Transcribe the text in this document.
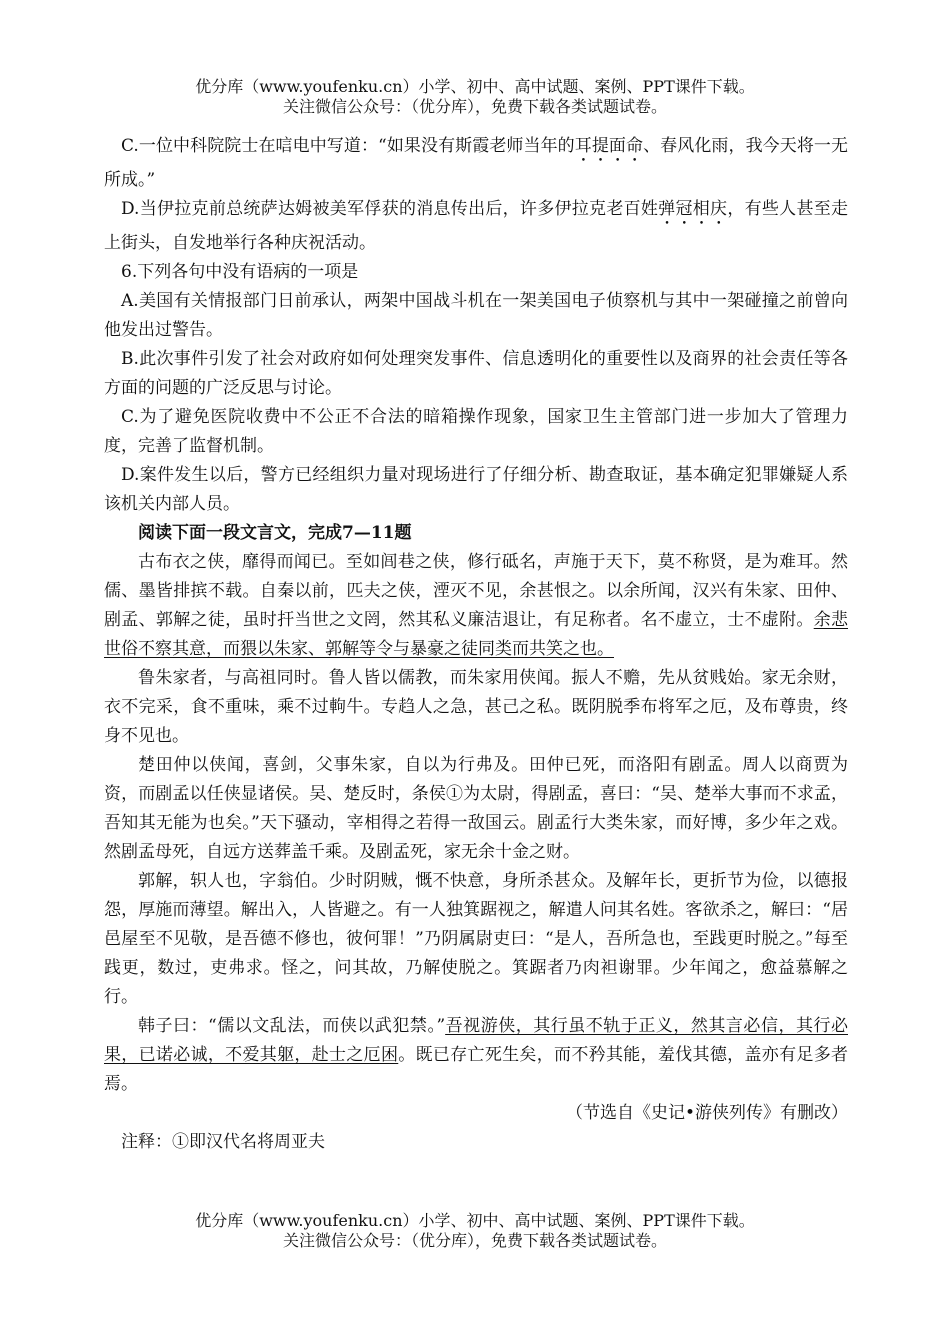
优分库（www.youfenku.cn）小学、初中、高中试题、案例、PPT课件下载。
关注微信公众号：（优分库），免费下载各类试题试卷。

C.一位中科院院士在唁电中写道：“如果没有斯霞老师当年的耳提面命、春风化雨，我今天将一无所成。”

D.当伊拉克前总统萨达姆被美军俘获的消息传出后，许多伊拉克老百姓弹冠相庆，有些人甚至走上街头，自发地举行各种庆祝活动。

6.下列各句中没有语病的一项是

A.美国有关情报部门日前承认，两架中国战斗机在一架美国电子侦察机与其中一架碰撞之前曾向他发出过警告。

B.此次事件引发了社会对政府如何处理突发事件、信息透明化的重要性以及商界的社会责任等各方面的问题的广泛反思与讨论。

C.为了避免医院收费中不公正不合法的暗箱操作现象，国家卫生主管部门进一步加大了管理力度，完善了监督机制。

D.案件发生以后，警方已经组织力量对现场进行了仔细分析、勘查取证，基本确定犯罪嫌疑人系该机关内部人员。

阅读下面一段文言文，完成7—11题

古布衣之侠，靡得而闻已。至如闾巷之侠，修行砥名，声施于天下，莫不称贤，是为难耳。然儒、墨皆排摈不载。自秦以前，匹夫之侠，湮灭不见，余甚恨之。以余所闻，汉兴有朱家、田仲、剧孟、郭解之徒，虽时扞当世之文罔，然其私义廉洁退让，有足称者。名不虚立，士不虚附。余悲世俗不察其意，而猥以朱家、郭解等令与暴豪之徒同类而共笑之也。

鲁朱家者，与高祖同时。鲁人皆以儒教，而朱家用侠闻。振人不赡，先从贫贱始。家无余财，衣不完采，食不重味，乘不过軥牛。专趋人之急，甚己之私。既阴脱季布将军之厄，及布尊贵，终身不见也。

楚田仲以侠闻，喜剑，父事朱家，自以为行弗及。田仲已死，而洛阳有剧孟。周人以商贾为资，而剧孟以任侠显诸侯。吴、楚反时，条侯①为太尉，得剧孟，喜曰：“吴、楚举大事而不求孟，吾知其无能为也矣。”天下骚动，宰相得之若得一敌国云。剧孟行大类朱家，而好博，多少年之戏。然剧孟母死，自远方送葬盖千乘。及剧孟死，家无余十金之财。

郭解，轵人也，字翁伯。少时阴贼，慨不快意，身所杀甚众。及解年长，更折节为俭，以德报怨，厚施而薄望。解出入，人皆避之。有一人独箕踞视之，解遣人问其名姓。客欲杀之，解曰：“居邑屋至不见敬，是吾德不修也，彼何罪！”乃阴属尉吏曰：“是人，吾所急也，至践更时脱之。”每至践更，数过，吏弗求。怪之，问其故，乃解使脱之。箕踞者乃肉袒谢罪。少年闻之，愈益慕解之行。

韩子曰：“儒以文乱法，而侠以武犯禁。”吾视游侠，其行虽不轨于正义，然其言必信，其行必果，已诺必诚，不爱其躯，赴士之厄困。既已存亡死生矣，而不矜其能，羞伐其德，盖亦有足多者焉。

（节选自《史记•游侠列传》有删改）

注释：①即汉代名将周亚夫

优分库（www.youfenku.cn）小学、初中、高中试题、案例、PPT课件下载。
关注微信公众号：（优分库），免费下载各类试题试卷。
